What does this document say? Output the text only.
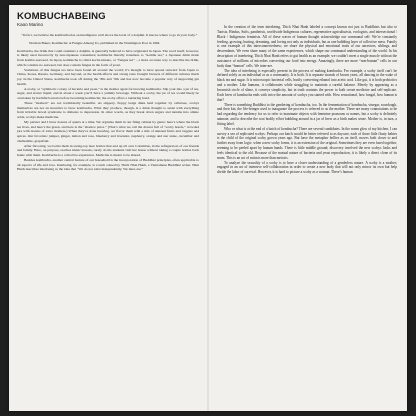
KOMBUCHABEING
Kaoo Marino

“In fact, we believe the kombucha has an intelligence well above the level of a dolphin. It knows where to go in your body.”

Norman Baker, Kombucha: A Fungus Among Us, published in the Washington Post in 1994

Kombucha, the drink that could outsmart a dolphin, is generally believed to have originated in Japan. The word itself, however, is likely used incorrectly by non-Japanese consumers; kombucha literally translates to “kombu tea,” a Japanese drink made from kombu seaweed. In Japan, kombucha is called kocha kinoko, or “fungus tea” – a more accurate way to describe the drink, which contains no seaweed, but does contain fungus in the form of yeast.

Variations of this fungus tea have been found all around the world; it’s thought to have spread outward from Japan to China, Korea, Russia, Germany, and beyond, as the health effects and strong taste brought brewers of different cultures much joy. In the United States, kombucha took off during the ’80s and ’90s and has now become a popular way of supporting gut health.

A scoby, or “symbiotic colony of bacteria and yeast,” is the mother agent for brewing kombucha. Slip your into a jar of tea, sugar, and starter liquid, and in about a week you’ll have a yummy beverage. Without a scoby, the jar of tea would likely be overtaken by harmful bacteria before becoming kombucha; the scoby offers a nurturing bond.

These “mothers” are not traditionally beautiful. As slippery, floppy beige disks held together by cellulose, scobys themselves are not an incentive to brew kombucha. What they produce, though, is a drink thought to assist with everything from irritable bowel syndrome to diabetes to depression. In other words, as they break down sugars and tannins into amino acids, scobys make medicine.

My partner and I brew dozens of quarts at a time. We organize them in our filing cabinet by genre: here’s where the black tea lives, and here’s the green, and here is the “shadow place.” (That’s what we call the drawer full of “scoby hotels,” crowded jars with dozens of extra mothers.) When they’re done brewing, we flavor them with a mix of unusual fruits and veggies and spices. Our favorites: juniper, ginger, lemon and rose, blueberry and lavender, raspberry, orange and star anise, cucumber and chamomile, grapefruit.

After flavoring, we bottle them in swing-top beer bottles that end up all over Columbus, in the refrigerators of our friends and family. Here, on purpose, reaches music lessons, rarely do his students visit her house without taking a couple bottles back home with them. Kombucha is a collective experience. Medicine is meant to be shared.

Besides kombucha, another central feature of our household is the incorporation of Buddhist principles, often applicable to all aspects of life and love. Interbeing, for example, is a term coined by Thich Nhat Hanh, a Vietnamese Buddhist writer. Nhat Hanh describes interbeing as the idea that “We do not exist independently. We inter-are.”

In the creation of the term interbeing, Thich Nhat Hanh labeled a concept known not just to Buddhists but also to Taoists, Hindus, Sufis, pantheists, worldwide Indigenous cultures, regenerative agriculturists, ecologists, and intersectional / Black / Indigenous feminists. All of these waves of human thought acknowledge our communal self. We’re constantly feeding, growing, hurting, dreaming, and loving not only as individuals, but as one bubbling layer of collective mess. Family is one example of this interconnectedness; we share the physical and emotional traits of our ancestors, siblings, and descendants. We even share many of the same experiences, which shape our communal understanding of the world. In his description of interbeing, Thich Nhat Hanh refers to gut health as an example; we couldn’t meet a single muscle without the assistance of millions of microbes converting our food into energy. Amazingly, there are more “non-human” cells in our body than “human” cells. We inter-are.

The idea of interbeing is especially present in the process of making kombucha. For example, a scoby itself can’t be defined solely as an individual or as a community. It is both. It is separate strands of brown yeast, all dancing in the wake of black tea and sugar. It is microscopic bacterial cells, busily converting ethanol into acetic acid. Like gut, it is both probiotics and a mother. Like humans, it collaborates while struggling to maintain a careful balance. Merely by appearing as a brownish circle of slime, it conveys simplicity, but in truth contains the power to both create medicine and self-replicate. Each brew of kombucha ends with twice the amount of scobys you started with. How sensational, how fungal, how human is that?

There is something Buddhist to the gendering of kombucha, too. In the fermentation of kombucha, vinegar, sourdough, and their kin, the life-bringer used to inaugurate the process is referred to as the mother. There are many connotations to be had regarding the tendency for us to refer to inanimate objects with feminine pronouns or names, but a scoby is definitely animate, and to describe the root bodily effort bubbling around in a jar of brew as a birth makes sense. Mother is, in turn, a fitting label.

Who or what is at the end of a batch of kombucha? There are several candidates. In the warm glow of my kitchen, I can survey a sea of replicated scobys. Perhaps our batch would be better referred to as daycare, each of those little floaty babies is the child of the original scoby grown years ago. But have the metaphor bellies as on itself, moves both closer to and further away from logic: when a new scoby forms, it is an extension of the original. Sometimes they are even fused together, seeming to be peeled apart by human hands. There is little middle ground; discovery involved the new scobys looks and feels identical to the old. Because of the mutual nature of bacteria and yeast reproduction, it is likely a direct clone of its mom. This is an act of mitosis more than meiosis.

To analyze the sexuality of a scoby is to have a closer understanding of a genderless nature. A scoby is a mother; engaged in an act of intensive self-collaboration in order to create a new body that will not only mirror its own but help divide the labor of survival. However, it is hard to picture a scoby as a woman. There’s human
